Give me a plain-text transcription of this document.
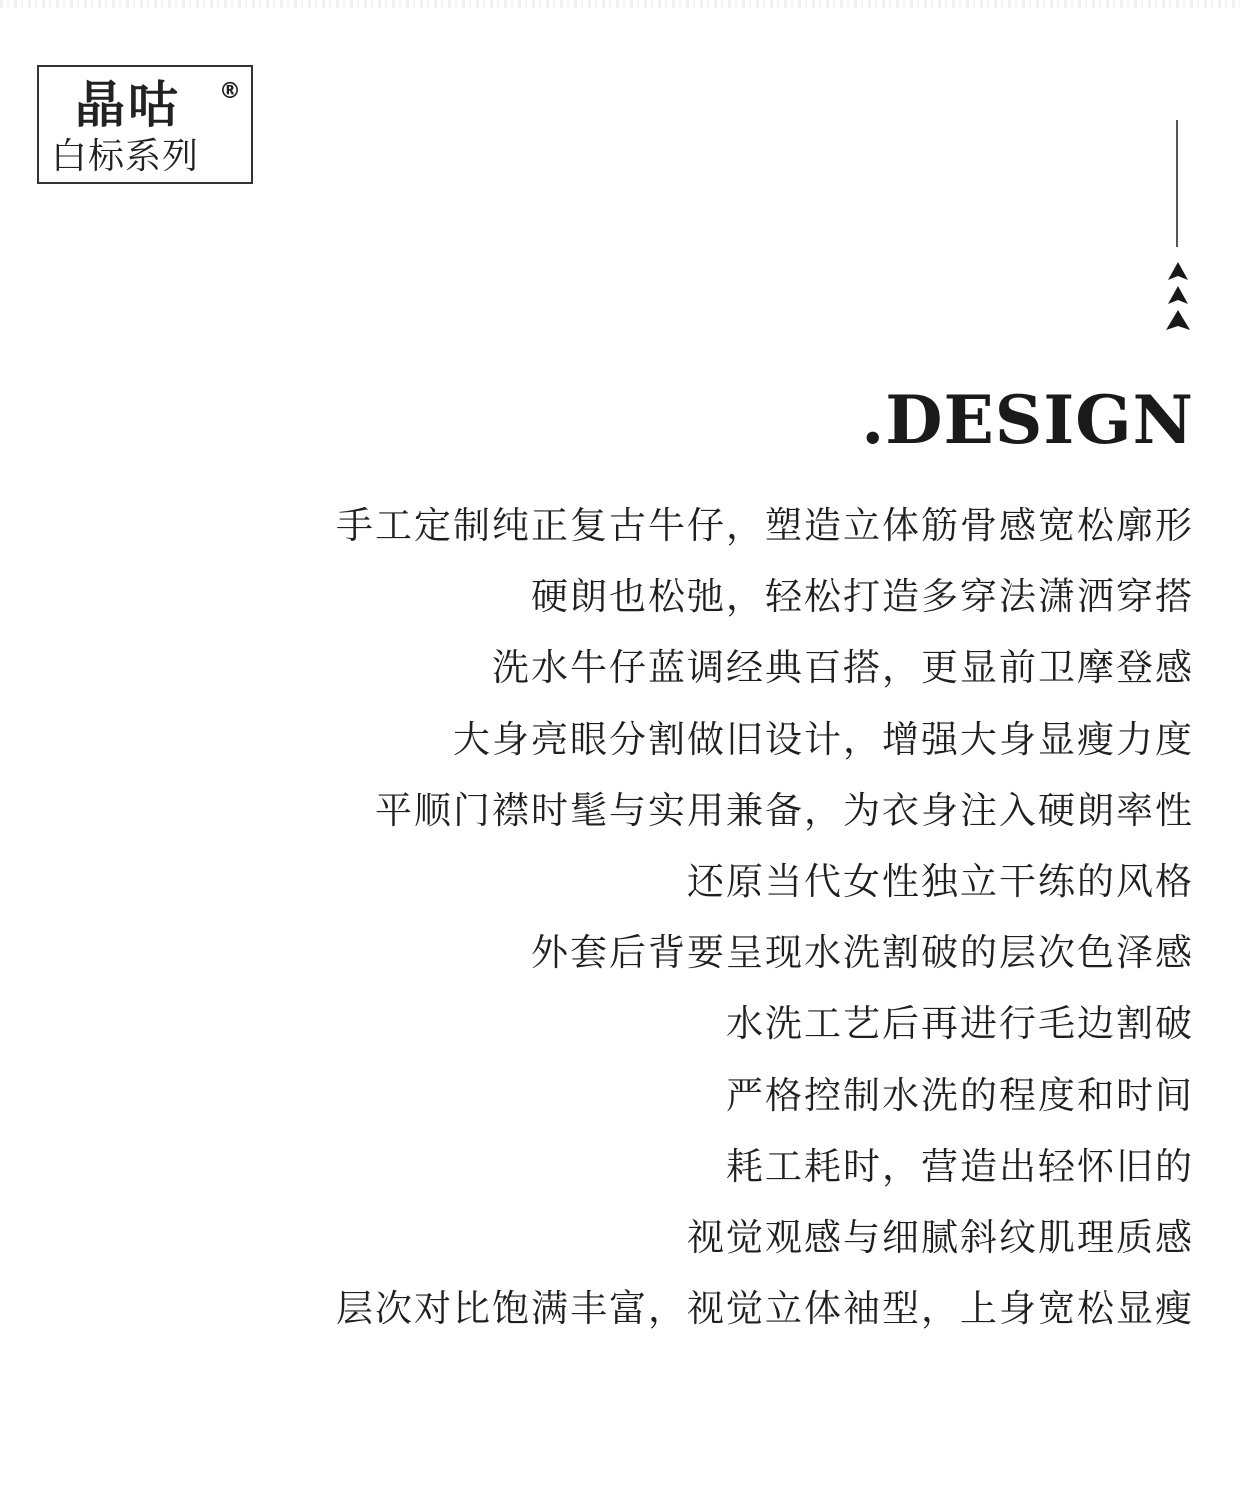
晶咕 ®
白标系列
.DESIGN
手工定制纯正复古牛仔，塑造立体筋骨感宽松廓形
硬朗也松弛，轻松打造多穿法潇洒穿搭
洗水牛仔蓝调经典百搭，更显前卫摩登感
大身亮眼分割做旧设计，增强大身显瘦力度
平顺门襟时髦与实用兼备，为衣身注入硬朗率性
还原当代女性独立干练的风格
外套后背要呈现水洗割破的层次色泽感
水洗工艺后再进行毛边割破
严格控制水洗的程度和时间
耗工耗时，营造出轻怀旧的
视觉观感与细腻斜纹肌理质感
层次对比饱满丰富，视觉立体袖型，上身宽松显瘦
